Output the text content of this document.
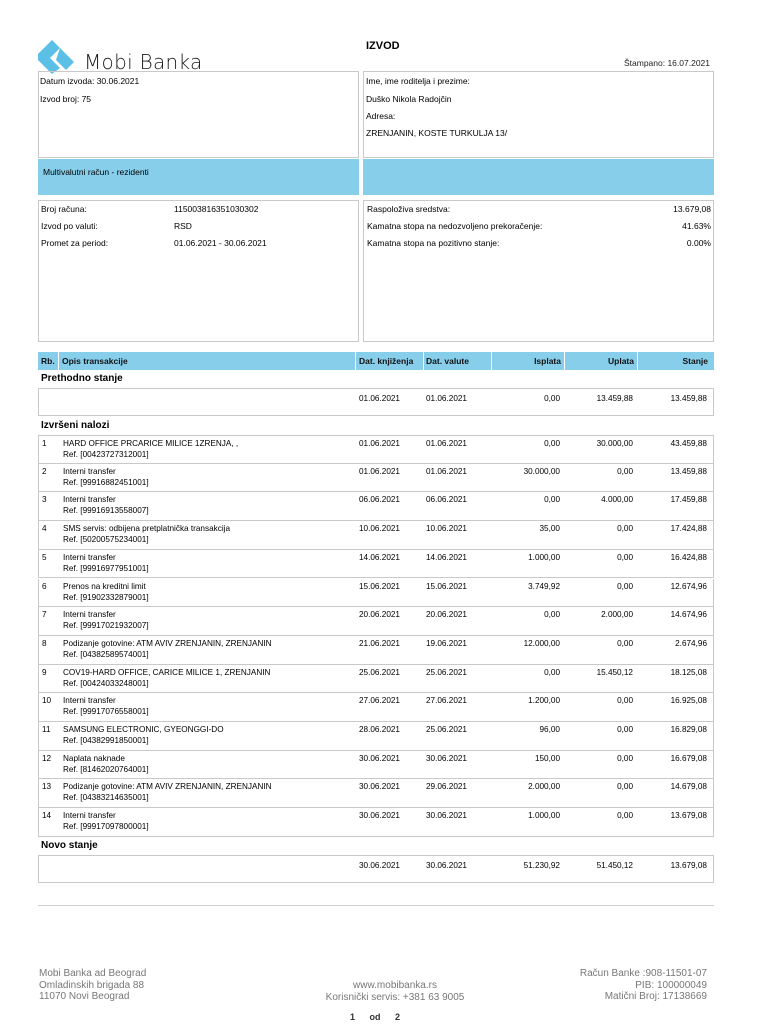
Mobi Banka
IZVOD
Štampano: 16.07.2021
Datum izvoda: 30.06.2021
Izvod broj: 75
Ime, ime roditelja i prezime:
Duško Nikola Radojčin
Adresa:
ZRENJANIN, KOSTE TURKULJA 13/
Multivalutni račun - rezidenti
Broj računa:	115003816351030302
Izvod po valuti:	RSD
Promet za period:	01.06.2021 - 30.06.2021
Raspoloživa sredstva:	13.679,08
Kamatna stopa na nedozvoljeno prekoračenje:	41.63%
Kamatna stopa na pozitivno stanje:	0.00%
Rb. Opis transakcije	Dat. knjiženja Dat. valute	Isplata	Uplata	Stanje
Prethodno stanje
01.06.2021	01.06.2021	0,00	13.459,88	13.459,88
Izvršeni nalozi
1 HARD OFFICE PRCARICE MILICE 1ZRENJA, ,
Ref. [00423727312001]
01.06.2021	01.06.2021	0,00	30.000,00	43.459,88
2 Interni transfer
Ref. [99916882451001]
01.06.2021	01.06.2021	30.000,00	0,00	13.459,88
3 Interni transfer
Ref. [99916913558007]
06.06.2021	06.06.2021	0,00	4.000,00	17.459,88
4 SMS servis: odbijena pretplatnička transakcija
Ref. [50200575234001]
10.06.2021	10.06.2021	35,00	0,00	17.424,88
5 Interni transfer
Ref. [99916977951001]
14.06.2021	14.06.2021	1.000,00	0,00	16.424,88
6 Prenos na kreditni limit
Ref. [91902332879001]
15.06.2021	15.06.2021	3.749,92	0,00	12.674,96
7 Interni transfer
Ref. [99917021932007]
20.06.2021	20.06.2021	0,00	2.000,00	14.674,96
8 Podizanje gotovine: ATM AVIV ZRENJANIN, ZRENJANIN
Ref. [04382589574001]
21.06.2021	19.06.2021	12.000,00	0,00	2.674,96
9 COV19-HARD OFFICE, CARICE MILICE 1, ZRENJANIN
Ref. [00424033248001]
25.06.2021	25.06.2021	0,00	15.450,12	18.125,08
10 Interni transfer
Ref. [99917076558001]
27.06.2021	27.06.2021	1.200,00	0,00	16.925,08
11 SAMSUNG ELECTRONIC, GYEONGGI-DO
Ref. [04382991850001]
28.06.2021	25.06.2021	96,00	0,00	16.829,08
12 Naplata naknade
Ref. [81462020764001]
30.06.2021	30.06.2021	150,00	0,00	16.679,08
13 Podizanje gotovine: ATM AVIV ZRENJANIN, ZRENJANIN
Ref. [04383214635001]
30.06.2021	29.06.2021	2.000,00	0,00	14.679,08
14 Interni transfer
Ref. [99917097800001]
30.06.2021	30.06.2021	1.000,00	0,00	13.679,08
Novo stanje
30.06.2021	30.06.2021	51.230,92	51.450,12	13.679,08
Mobi Banka ad Beograd
Omladinskih brigada 88
11070 Novi Beograd
www.mobibanka.rs
Korisnički servis: +381 63 9005
Račun Banke :908-11501-07
PIB: 100000049
Matični Broj: 17138669
1 od 2
